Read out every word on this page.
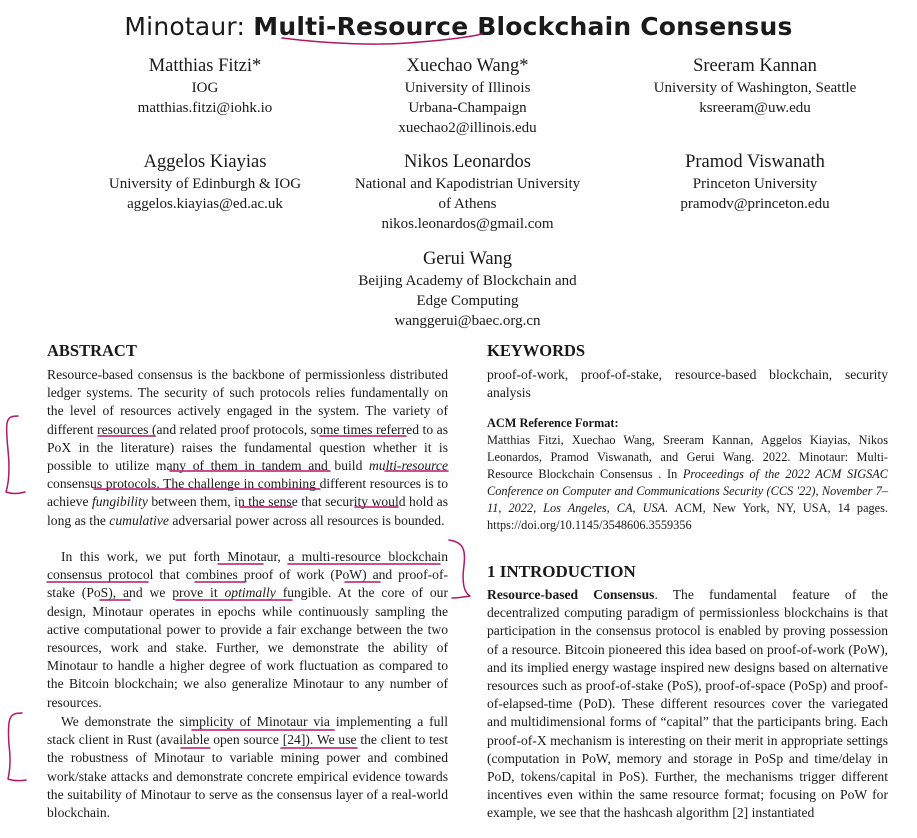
Minotaur: Multi-Resource Blockchain Consensus
Matthias Fitzi*
IOG
matthias.fitzi@iohk.io
Xuechao Wang*
University of Illinois
Urbana-Champaign
xuechao2@illinois.edu
Sreeram Kannan
University of Washington, Seattle
ksreeram@uw.edu
Aggelos Kiayias
University of Edinburgh & IOG
aggelos.kiayias@ed.ac.uk
Nikos Leonardos
National and Kapodistrian University
of Athens
nikos.leonardos@gmail.com
Pramod Viswanath
Princeton University
pramodv@princeton.edu
Gerui Wang
Beijing Academy of Blockchain and
Edge Computing
wanggerui@baec.org.cn
ABSTRACT
Resource-based consensus is the backbone of permissionless distributed ledger systems. The security of such protocols relies fundamentally on the level of resources actively engaged in the system. The variety of different resources (and related proof protocols, some times referred to as PoX in the literature) raises the fundamental question whether it is possible to utilize many of them in tandem and build multi-resource consensus protocols. The challenge in combining different resources is to achieve fungibility between them, in the sense that security would hold as long as the cumulative adversarial power across all resources is bounded.
In this work, we put forth Minotaur, a multi-resource blockchain consensus protocol that combines proof of work (PoW) and proof-of-stake (PoS), and we prove it optimally fungible. At the core of our design, Minotaur operates in epochs while continuously sampling the active computational power to provide a fair exchange between the two resources, work and stake. Further, we demonstrate the ability of Minotaur to handle a higher degree of work fluctuation as compared to the Bitcoin blockchain; we also generalize Minotaur to any number of resources.
We demonstrate the simplicity of Minotaur via implementing a full stack client in Rust (available open source [24]). We use the client to test the robustness of Minotaur to variable mining power and combined work/stake attacks and demonstrate concrete empirical evidence towards the suitability of Minotaur to serve as the consensus layer of a real-world blockchain.
KEYWORDS
proof-of-work, proof-of-stake, resource-based blockchain, security analysis
ACM Reference Format:
Matthias Fitzi, Xuechao Wang, Sreeram Kannan, Aggelos Kiayias, Nikos Leonardos, Pramod Viswanath, and Gerui Wang. 2022. Minotaur: Multi-Resource Blockchain Consensus . In Proceedings of the 2022 ACM SIGSAC Conference on Computer and Communications Security (CCS '22), November 7–11, 2022, Los Angeles, CA, USA. ACM, New York, NY, USA, 14 pages. https://doi.org/10.1145/3548606.3559356
1 INTRODUCTION
Resource-based Consensus. The fundamental feature of the decentralized computing paradigm of permissionless blockchains is that participation in the consensus protocol is enabled by proving possession of a resource. Bitcoin pioneered this idea based on proof-of-work (PoW), and its implied energy wastage inspired new designs based on alternative resources such as proof-of-stake (PoS), proof-of-space (PoSp) and proof-of-elapsed-time (PoD). These different resources cover the variegated and multidimensional forms of “capital” that the participants bring. Each proof-of-X mechanism is interesting on their merit in appropriate settings (computation in PoW, memory and storage in PoSp and time/delay in PoD, tokens/capital in PoS). Further, the mechanisms trigger different incentives even within the same resource format; focusing on PoW for example, we see that the hashcash algorithm [2] instantiated
